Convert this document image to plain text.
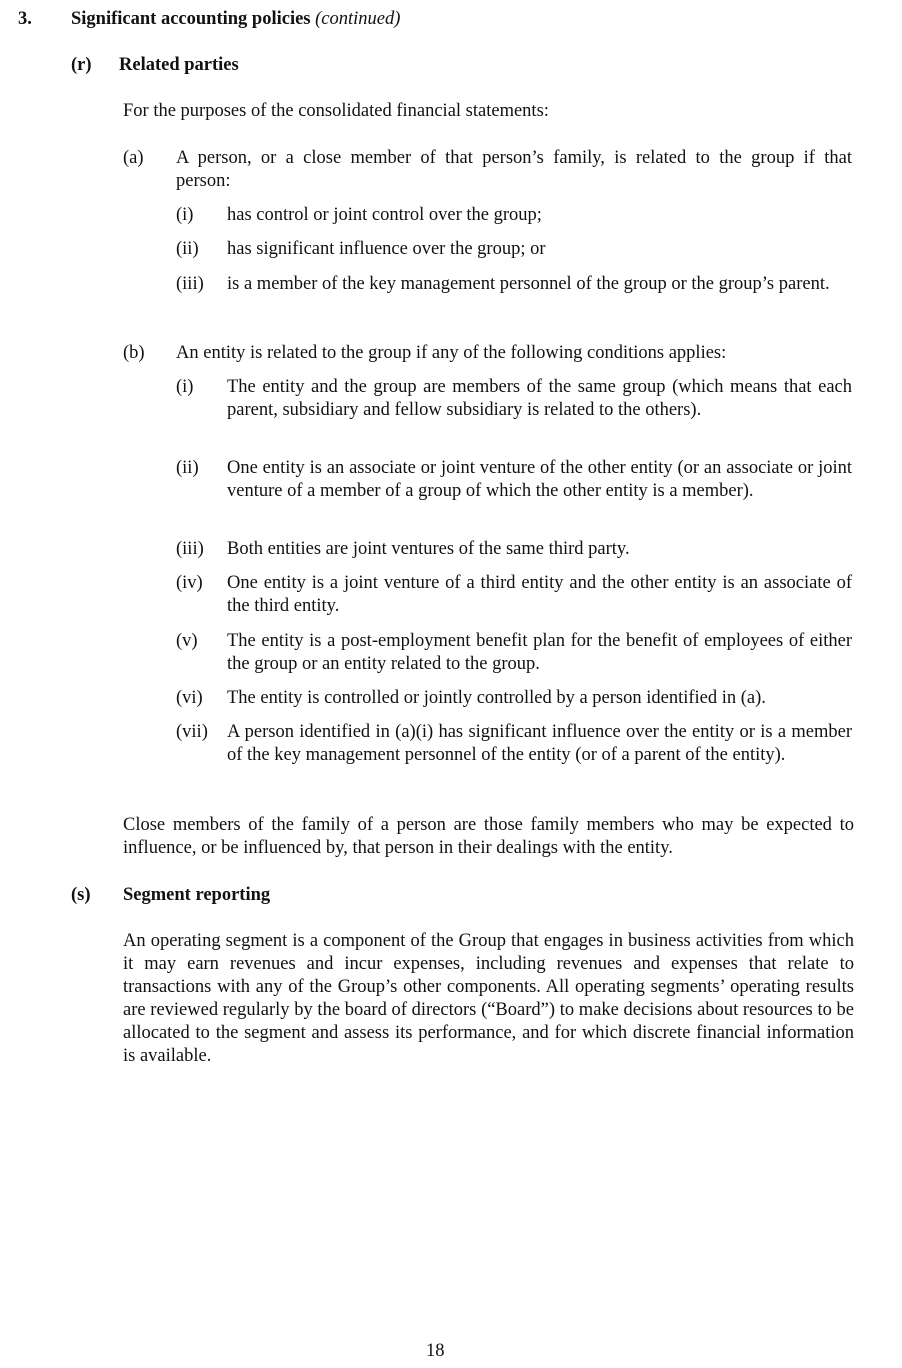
3. Significant accounting policies (continued)
(r) Related parties
For the purposes of the consolidated financial statements:
(a) A person, or a close member of that person’s family, is related to the group if that
person:
(i) has control or joint control over the group;
(ii) has significant influence over the group; or
(iii) is a member of the key management personnel of the group or the group’s parent.
(b) An entity is related to the group if any of the following conditions applies:
(i) The entity and the group are members of the same group (which means that each parent, subsidiary and fellow subsidiary is related to the others).
(ii) One entity is an associate or joint venture of the other entity (or an associate or joint venture of a member of a group of which the other entity is a member).
(iii) Both entities are joint ventures of the same third party.
(iv) One entity is a joint venture of a third entity and the other entity is an associate of the third entity.
(v) The entity is a post-employment benefit plan for the benefit of employees of either the group or an entity related to the group.
(vi) The entity is controlled or jointly controlled by a person identified in (a).
(vii) A person identified in (a)(i) has significant influence over the entity or is a member of the key management personnel of the entity (or of a parent of the entity).
Close members of the family of a person are those family members who may be expected to influence, or be influenced by, that person in their dealings with the entity.
(s) Segment reporting
An operating segment is a component of the Group that engages in business activities from which it may earn revenues and incur expenses, including revenues and expenses that relate to transactions with any of the Group’s other components. All operating segments’ operating results are reviewed regularly by the board of directors (“Board”) to make decisions about resources to be allocated to the segment and assess its performance, and for which discrete financial information is available.
18
